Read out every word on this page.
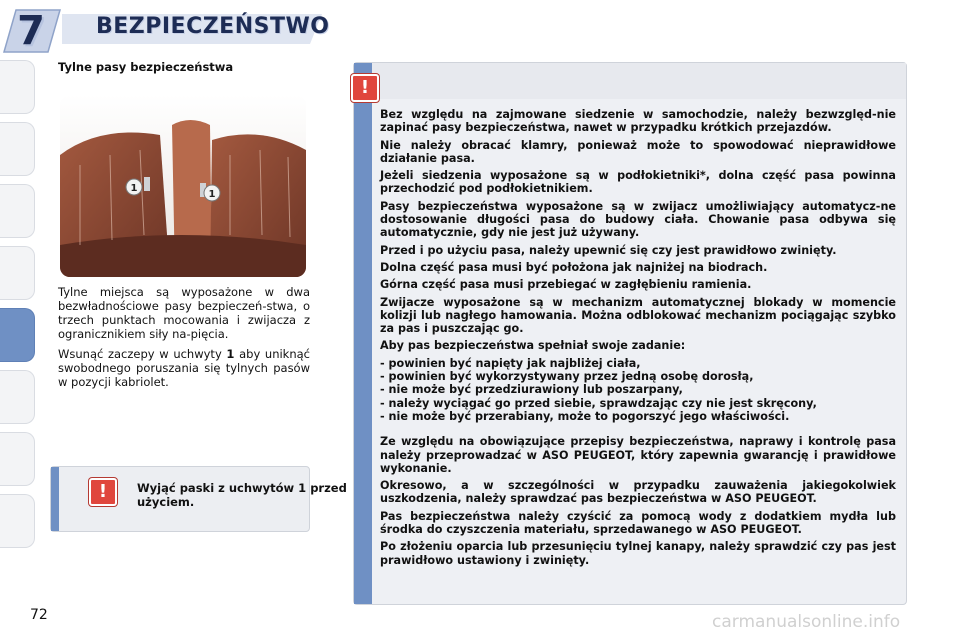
7	BEZPIECZEŃSTWO
Tylne pasy bezpieczeństwa
1
1

Tylne miejsca są wyposażone w dwa bezwładnościowe pasy bezpieczeń-stwa, o trzech punktach mocowania i zwijacza z ogranicznikiem siły na-pięcia.

Wsunąć zaczepy w uchwyty 1 aby uniknąć swobodnego poruszania się tylnych pasów w pozycji kabriolet.

!	Wyjąć paski z uchwytów 1 przed użyciem.
!

Bez względu na zajmowane siedzenie w samochodzie, należy bezwzględ-nie zapinać pasy bezpieczeństwa, nawet w przypadku krótkich przejazdów.

Nie należy obracać klamry, ponieważ może to spowodować nieprawidłowe działanie pasa.

Jeżeli siedzenia wyposażone są w podłokietniki*, dolna część pasa powinna przechodzić pod podłokietnikiem.

Pasy bezpieczeństwa wyposażone są w zwijacz umożliwiający automatycz-ne dostosowanie długości pasa do budowy ciała. Chowanie pasa odbywa się automatycznie, gdy nie jest już używany.

Przed i po użyciu pasa, należy upewnić się czy jest prawidłowo zwinięty.

Dolna część pasa musi być położona jak najniżej na biodrach.

Górna część pasa musi przebiegać w zagłębieniu ramienia.

Zwijacze wyposażone są w mechanizm automatycznej blokady w momencie kolizji lub nagłego hamowania. Można odblokować mechanizm pociągając szybko za pas i puszczając go.

Aby pas bezpieczeństwa spełniał swoje zadanie:

- powinien być napięty jak najbliżej ciała,
- powinien być wykorzystywany przez jedną osobę dorosłą,
- nie może być przedziurawiony lub poszarpany,
- należy wyciągać go przed siebie, sprawdzając czy nie jest skręcony,
- nie może być przerabiany, może to pogorszyć jego właściwości.

Ze względu na obowiązujące przepisy bezpieczeństwa, naprawy i kontrolę pasa należy przeprowadzać w ASO PEUGEOT, który zapewnia gwarancję i prawidłowe wykonanie.

Okresowo, a w szczególności w przypadku zauważenia jakiegokolwiek uszkodzenia, należy sprawdzać pas bezpieczeństwa w ASO PEUGEOT.

Pas bezpieczeństwa należy czyścić za pomocą wody z dodatkiem mydła lub środka do czyszczenia materiału, sprzedawanego w ASO PEUGEOT.

Po złożeniu oparcia lub przesunięciu tylnej kanapy, należy sprawdzić czy pas jest prawidłowo ustawiony i zwinięty.

72	carmanualsonline.info
